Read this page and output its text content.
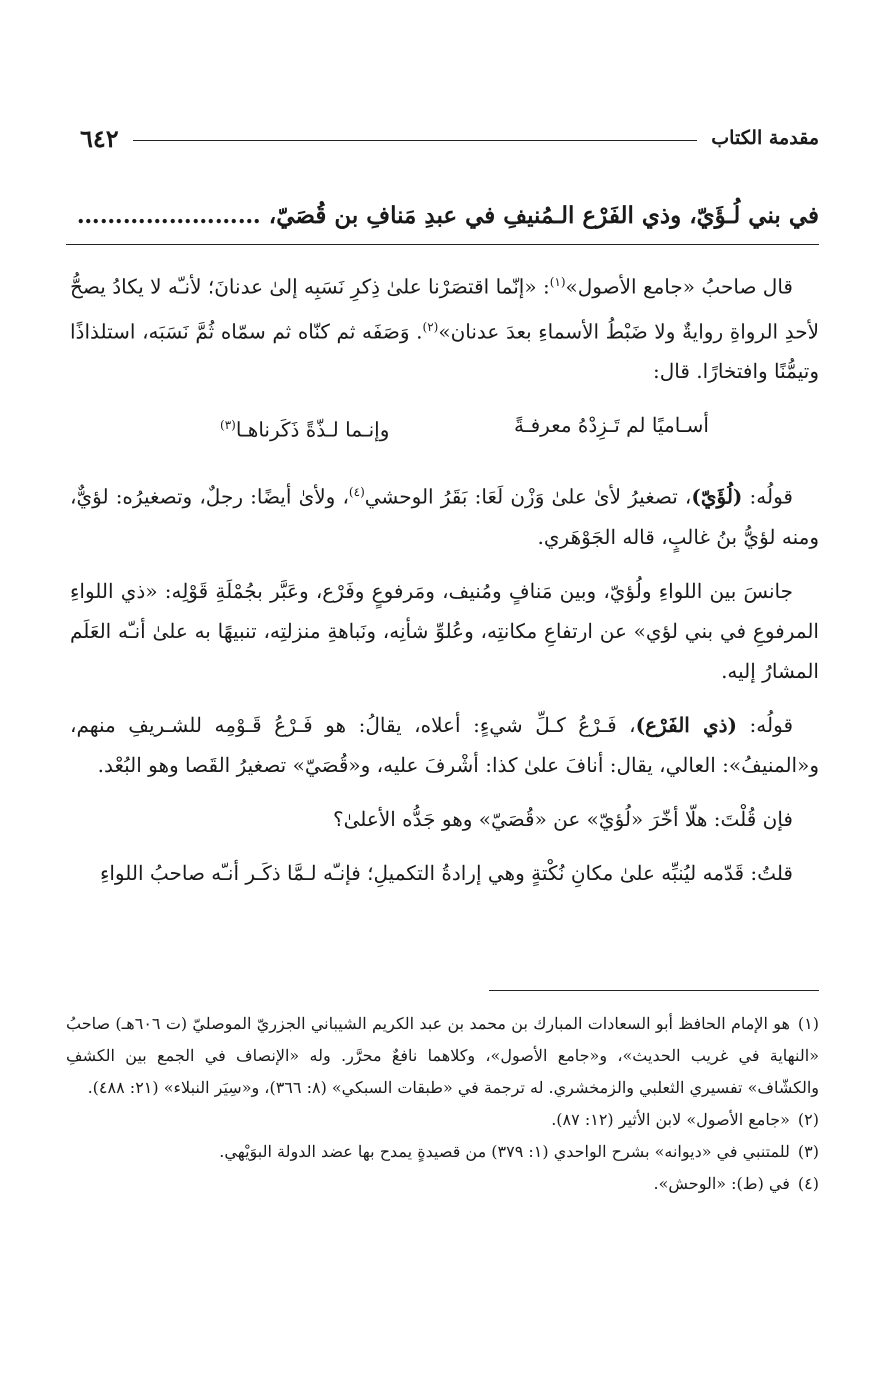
مقدمة الكتاب
٦٤٢
في بني لُـؤَيّ، وذي الفَرْع الـمُنيفِ في عبدِ مَنافِ بن قُصَيّ، ……………………

قال صاحبُ «جامع الأصول»$^{(١)}$: «إنّما اقتصَرْنا علىٰ ذِكرِ نَسَبِه إلىٰ عدنانَ؛ لأنـّه لا يكادُ يصحُّ لأحدِ الرواةِ روايةٌ ولا ضَبْطُ الأسماءِ بعدَ عدنان»$^{(٢)}$. وَصَفَه ثم كنّاه ثم سمّاه ثُمَّ نَسَبَه، استلذاذًا وتيمُّنًا وافتخارًا. قال:

أسـاميًا لم تَـزِدْهُ معرفـةً
وإنـما لـذّةً ذَكَرناهـا$^{(٣)}$

قولُه: (لُؤَيّ)، تصغيرُ لأىٰ علىٰ وَزْن لَعَا: بَقَرُ الوحشي$^{(٤)}$، ولأىٰ أيضًا: رجلٌ، وتصغيرُه: لؤيٌّ، ومنه لؤيُّ بنُ غالبٍ، قاله الجَوْهَري.

جانسَ بين اللواءِ ولُؤيّ، وبين مَنافٍ ومُنيف، ومَرفوعٍ وفَرْع، وعَبَّر بجُمْلَةِ قَوْلِه: «ذي اللواءِ المرفوعِ في بني لؤي» عن ارتفاعِ مكانتِه، وعُلوِّ شأنِه، ونَباهةِ منزلتِه، تنبيهًا به علىٰ أنـّه العَلَم المشارُ إليه.

قولُه: (ذي الفَرْع)، فَـرْعُ كـلِّ شيءٍ: أعلاه، يقالُ: هو فَـرْعُ قَـوْمِه للشـريفِ منهم، و«المنيفُ»: العالي، يقال: أنافَ علىٰ كذا: أشْرفَ عليه، و«قُصَيّ» تصغيرُ القَصا وهو البُعْد.

فإن قُلْتَ: هلّا أخّرَ «لُؤيّ» عن «قُصَيّ» وهو جَدُّه الأعلىٰ؟

قلتُ: قَدّمه ليُنبِّه علىٰ مكانِ نُكْتةٍ وهي إرادةُ التكميلِ؛ فإنـّه لـمَّا ذكَـر أنـّه صاحبُ اللواءِ

(١)هو الإمام الحافظ أبو السعادات المبارك بن محمد بن عبد الكريم الشيباني الجزريّ الموصليّ (ت ٦٠٦هـ) صاحبُ «النهاية في غريب الحديث»، و«جامع الأصول»، وكلاهما نافعٌ محرَّر. وله «الإنصاف في الجمع بين الكشفِ والكشّاف» تفسيري الثعلبي والزمخشري. له ترجمة في «طبقات السبكي» (٨: ٣٦٦)، و«سِيَر النبلاء» (٢١: ٤٨٨).

(٢)«جامع الأصول» لابن الأثير (١٢: ٨٧).

(٣)للمتنبي في «ديوانه» بشرح الواحدي (١: ٣٧٩) من قصيدةٍ يمدح بها عضد الدولة البوَيْهي.

(٤)في (ط): «الوحش».
